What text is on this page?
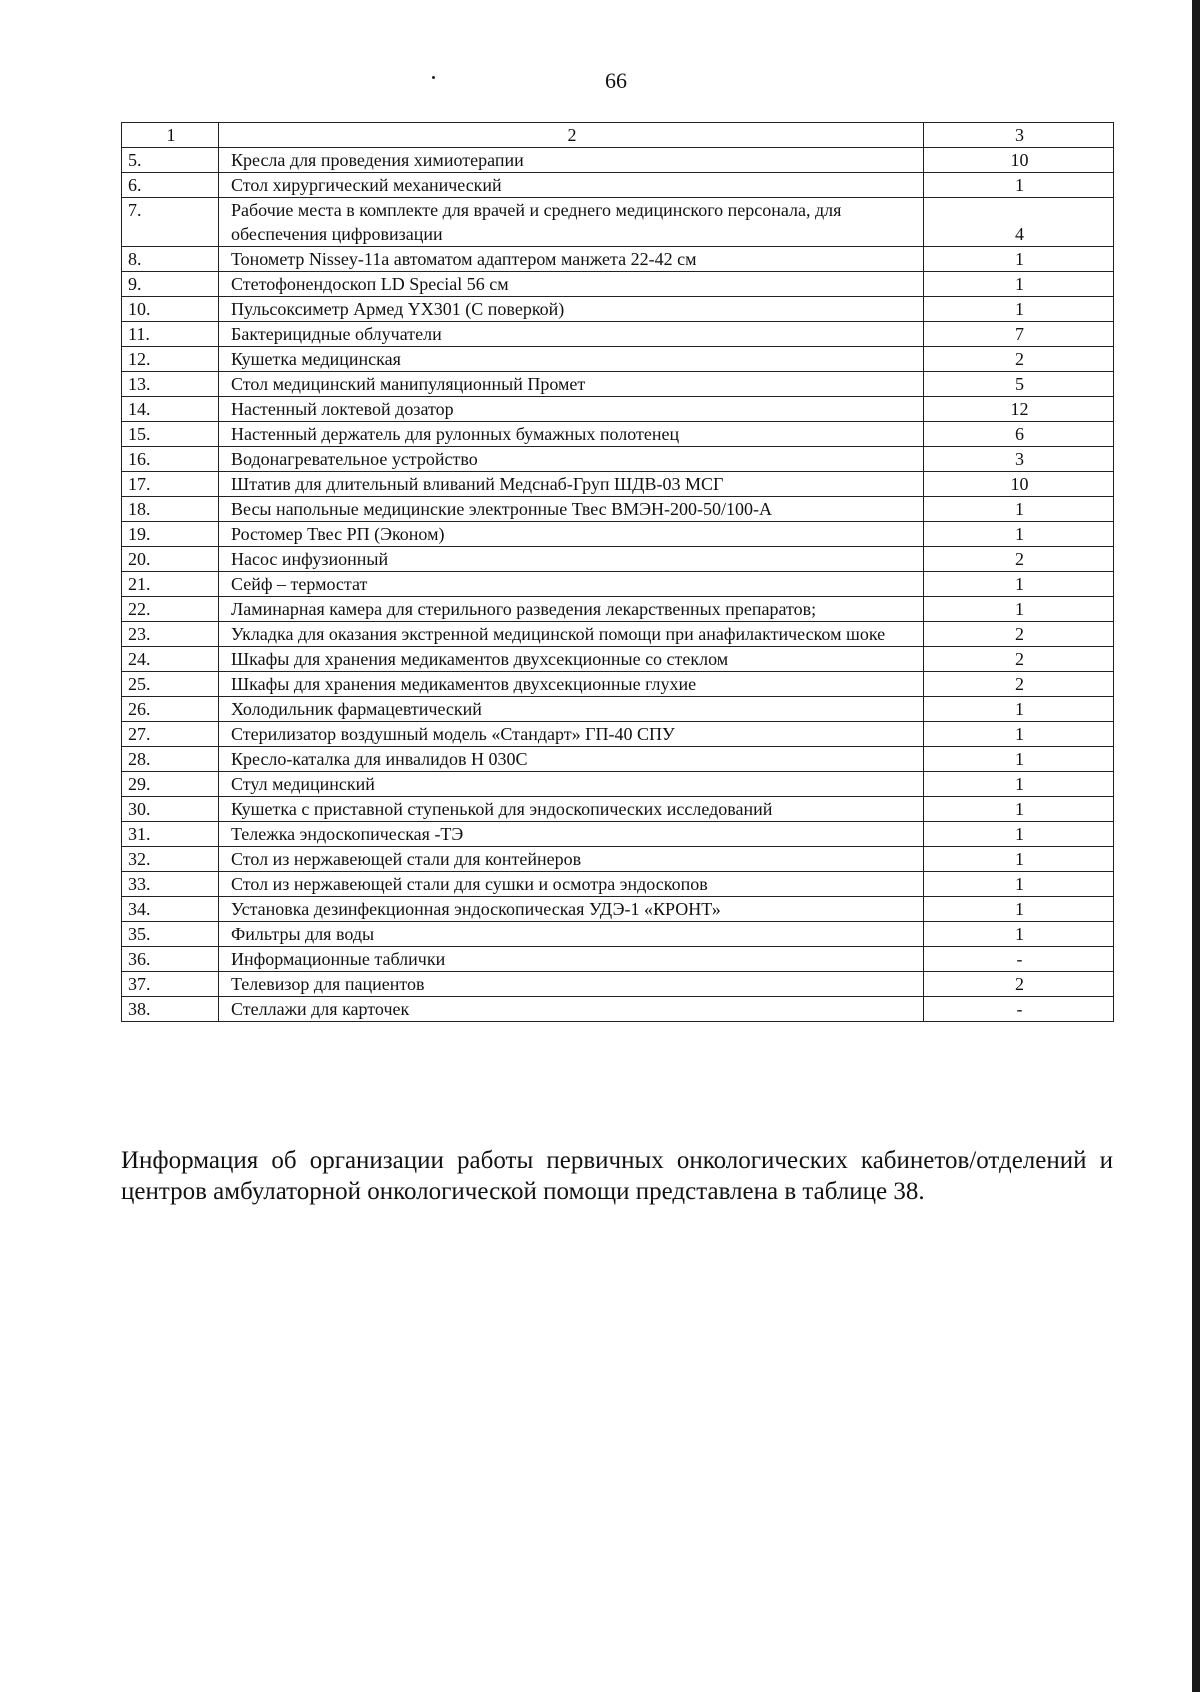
66
1	2	3
5.	Кресла для проведения химиотерапии	10
6.	Стол хирургический механический	1
7.	Рабочие места в комплекте для врачей и среднего медицинского персонала, для обеспечения цифровизации	4
8.	Тонометр Nissey-11a автоматом адаптером манжета 22-42 см	1
9.	Стетофонендоскоп LD Special 56 см	1
10.	Пульсоксиметр Армед YX301 (С поверкой)	1
11.	Бактерицидные облучатели	7
12.	Кушетка медицинская	2
13.	Стол медицинский манипуляционный Промет	5
14.	Настенный локтевой дозатор	12
15.	Настенный держатель для рулонных бумажных полотенец	6
16.	Водонагревательное устройство	3
17.	Штатив для длительный вливаний Медснаб-Груп ШДВ-03 МСГ	10
18.	Весы напольные медицинские электронные Твес ВМЭН-200-50/100-А	1
19.	Ростомер Твес РП (Эконом)	1
20.	Насос инфузионный	2
21.	Сейф – термостат	1
22.	Ламинарная камера для стерильного разведения лекарственных препаратов;	1
23.	Укладка для оказания экстренной медицинской помощи при анафилактическом шоке	2
24.	Шкафы для хранения медикаментов двухсекционные со стеклом	2
25.	Шкафы для хранения медикаментов двухсекционные глухие	2
26.	Холодильник фармацевтический	1
27.	Стерилизатор воздушный модель «Стандарт» ГП-40 СПУ	1
28.	Кресло-каталка для инвалидов Н 030С	1
29.	Стул медицинский	1
30.	Кушетка с приставной ступенькой для эндоскопических исследований	1
31.	Тележка эндоскопическая -ТЭ	1
32.	Стол из нержавеющей стали для контейнеров	1
33.	Стол из нержавеющей стали для сушки и осмотра эндоскопов	1
34.	Установка дезинфекционная эндоскопическая УДЭ-1 «КРОНТ»	1
35.	Фильтры для воды	1
36.	Информационные таблички	-
37.	Телевизор для пациентов	2
38.	Стеллажи для карточек	-

Информация об организации работы первичных онкологических кабинетов/отделений и центров амбулаторной онкологической помощи представлена в таблице 38.
